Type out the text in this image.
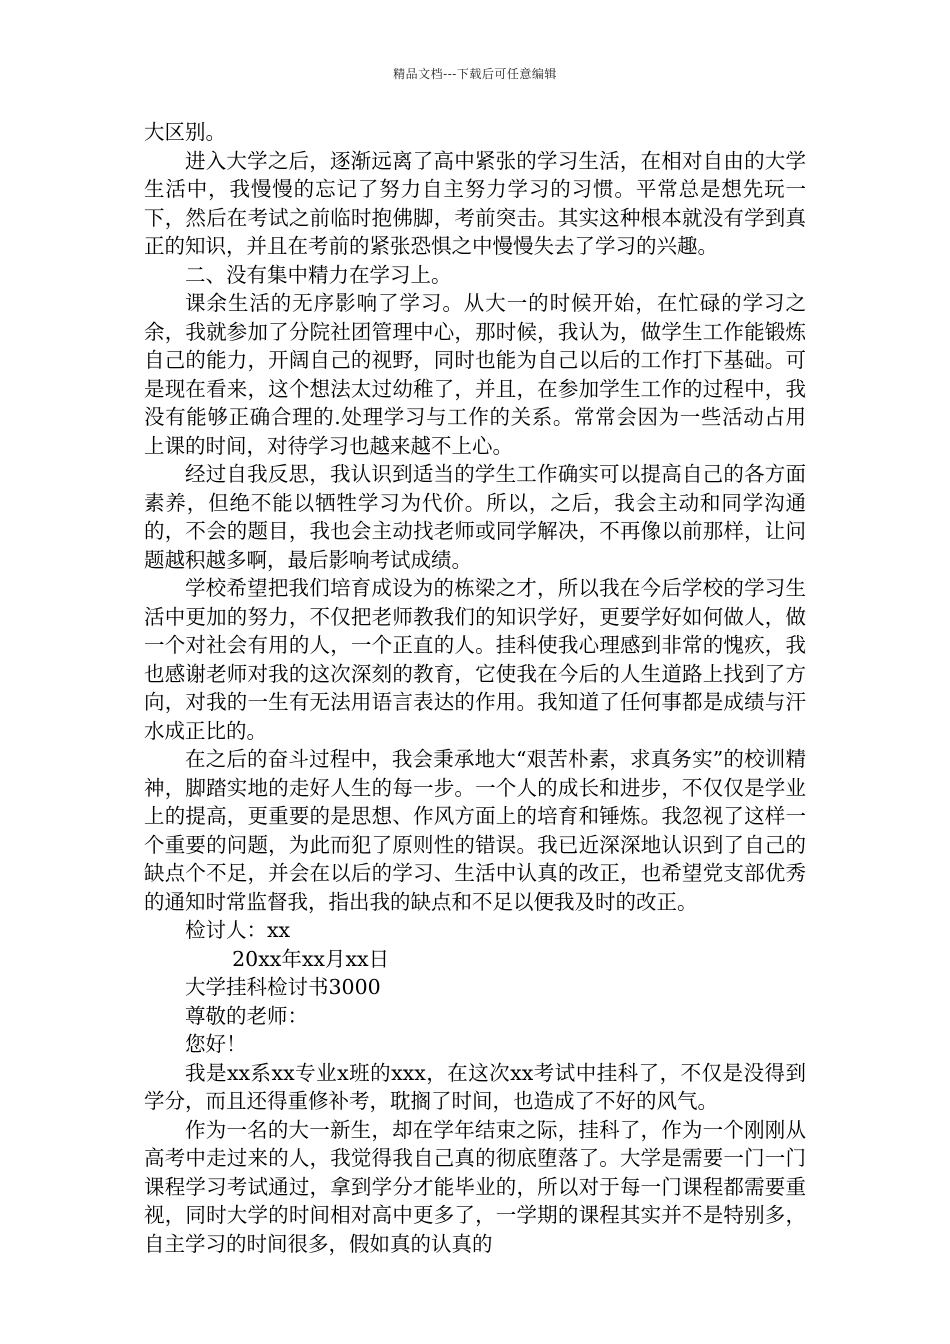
精品文档---下载后可任意编辑

大区别。

进入大学之后，逐渐远离了高中紧张的学习生活，在相对自由的大学生活中，我慢慢的忘记了努力自主努力学习的习惯。平常总是想先玩一下，然后在考试之前临时抱佛脚，考前突击。其实这种根本就没有学到真正的知识，并且在考前的紧张恐惧之中慢慢失去了学习的兴趣。

二、没有集中精力在学习上。

课余生活的无序影响了学习。从大一的时候开始，在忙碌的学习之余，我就参加了分院社团管理中心，那时候，我认为，做学生工作能锻炼自己的能力，开阔自己的视野，同时也能为自己以后的工作打下基础。可是现在看来，这个想法太过幼稚了，并且，在参加学生工作的过程中，我没有能够正确合理的.处理学习与工作的关系。常常会因为一些活动占用上课的时间，对待学习也越来越不上心。

经过自我反思，我认识到适当的学生工作确实可以提高自己的各方面素养，但绝不能以牺牲学习为代价。所以，之后，我会主动和同学沟通的，不会的题目，我也会主动找老师或同学解决，不再像以前那样，让问题越积越多啊，最后影响考试成绩。

学校希望把我们培育成设为的栋梁之才，所以我在今后学校的学习生活中更加的努力，不仅把老师教我们的知识学好，更要学好如何做人，做一个对社会有用的人，一个正直的人。挂科使我心理感到非常的愧疚，我也感谢老师对我的这次深刻的教育，它使我在今后的人生道路上找到了方向，对我的一生有无法用语言表达的作用。我知道了任何事都是成绩与汗水成正比的。

在之后的奋斗过程中，我会秉承地大“艰苦朴素，求真务实”的校训精神，脚踏实地的走好人生的每一步。一个人的成长和进步，不仅仅是学业上的提高，更重要的是思想、作风方面上的培育和锤炼。我忽视了这样一个重要的问题，为此而犯了原则性的错误。我已近深深地认识到了自己的缺点个不足，并会在以后的学习、生活中认真的改正，也希望党支部优秀的通知时常监督我，指出我的缺点和不足以便我及时的改正。

检讨人：xx

20xx年xx月xx日

大学挂科检讨书3000

尊敬的老师：

您好！

我是xx系xx专业x班的xxx，在这次xx考试中挂科了，不仅是没得到学分，而且还得重修补考，耽搁了时间，也造成了不好的风气。

作为一名的大一新生，却在学年结束之际，挂科了，作为一个刚刚从高考中走过来的人，我觉得我自己真的彻底堕落了。大学是需要一门一门课程学习考试通过，拿到学分才能毕业的，所以对于每一门课程都需要重视，同时大学的时间相对高中更多了，一学期的课程其实并不是特别多，自主学习的时间很多，假如真的认真的
